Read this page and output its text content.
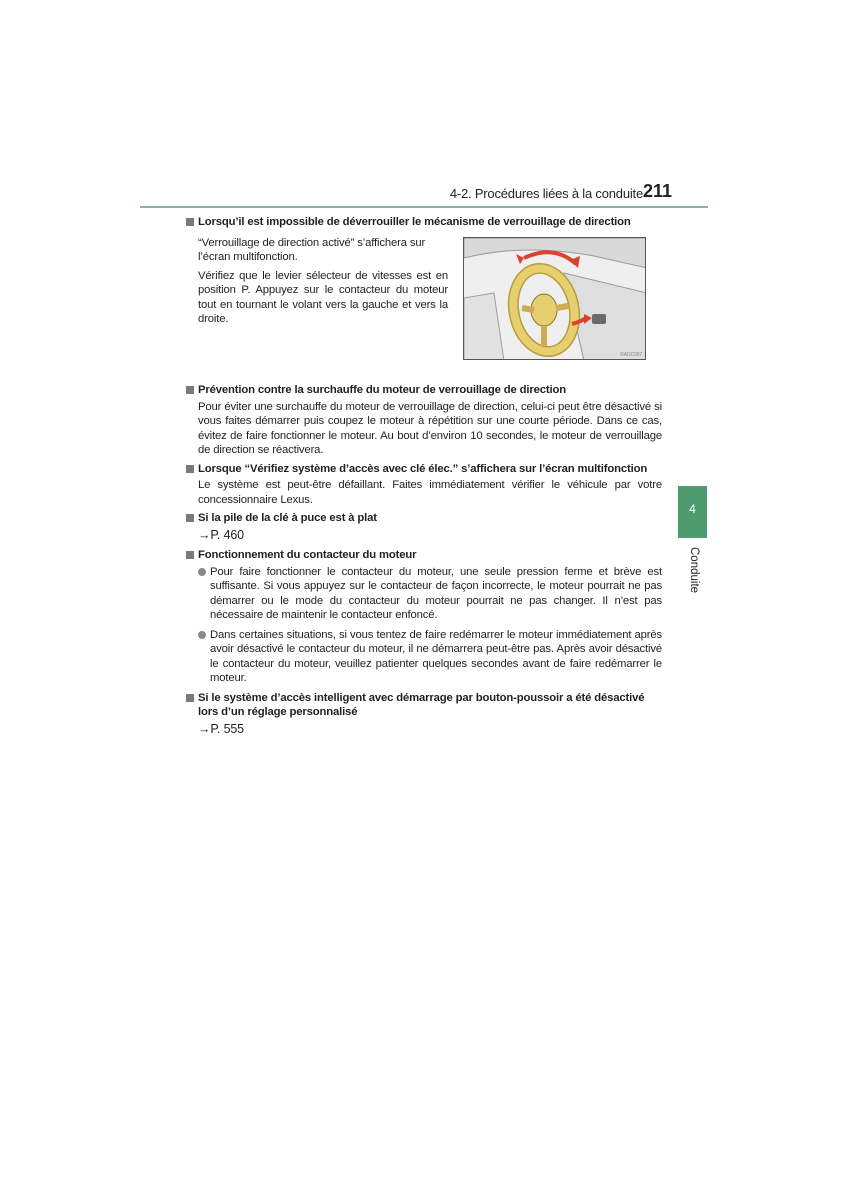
4-2. Procédures liées à la conduite 211
4
Conduite
Lorsqu’il est impossible de déverrouiller le mécanisme de verrouillage de direction

“Verrouillage de direction activé” s’affichera sur l’écran multifonction.

Vérifiez que le levier sélecteur de vitesses est en position P. Appuyez sur le contacteur du moteur tout en tournant le volant vers la gauche et vers la droite.

RAGC097
Prévention contre la surchauffe du moteur de verrouillage de direction

Pour éviter une surchauffe du moteur de verrouillage de direction, celui-ci peut être désactivé si vous faites démarrer puis coupez le moteur à répétition sur une courte période. Dans ce cas, évitez de faire fonctionner le moteur. Au bout d’environ 10 secondes, le moteur de verrouillage de direction se réactivera.

Lorsque “Vérifiez système d’accès avec clé élec.” s’affichera sur l’écran multifonction

Le système est peut-être défaillant. Faites immédiatement vérifier le véhicule par votre concessionnaire Lexus.

Si la pile de la clé à puce est à plat

→P. 460

Fonctionnement du contacteur du moteur
Pour faire fonctionner le contacteur du moteur, une seule pression ferme et brève est suffisante. Si vous appuyez sur le contacteur de façon incorrecte, le moteur pourrait ne pas démarrer ou le mode du contacteur du moteur pourrait ne pas changer. Il n’est pas nécessaire de maintenir le contacteur enfoncé.
Dans certaines situations, si vous tentez de faire redémarrer le moteur immédiatement après avoir désactivé le contacteur du moteur, il ne démarrera peut-être pas. Après avoir désactivé le contacteur du moteur, veuillez patienter quelques secondes avant de faire redémarrer le moteur.
Si le système d’accès intelligent avec démarrage par bouton-poussoir a été désactivé lors d’un réglage personnalisé

→P. 555
